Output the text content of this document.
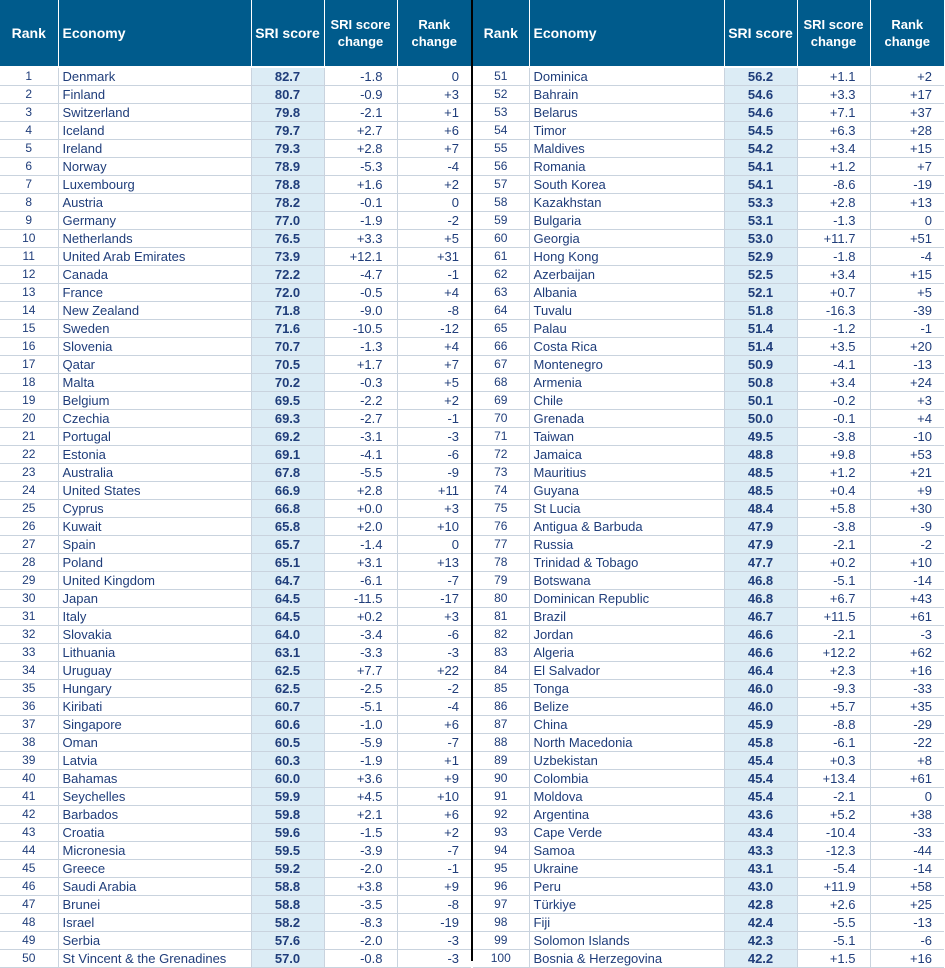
Rank	Economy	SRI score	SRI score change	Rank change
1	Denmark	82.7	-1.8	0
2	Finland	80.7	-0.9	+3
3	Switzerland	79.8	-2.1	+1
4	Iceland	79.7	+2.7	+6
5	Ireland	79.3	+2.8	+7
6	Norway	78.9	-5.3	-4
7	Luxembourg	78.8	+1.6	+2
8	Austria	78.2	-0.1	0
9	Germany	77.0	-1.9	-2
10	Netherlands	76.5	+3.3	+5
11	United Arab Emirates	73.9	+12.1	+31
12	Canada	72.2	-4.7	-1
13	France	72.0	-0.5	+4
14	New Zealand	71.8	-9.0	-8
15	Sweden	71.6	-10.5	-12
16	Slovenia	70.7	-1.3	+4
17	Qatar	70.5	+1.7	+7
18	Malta	70.2	-0.3	+5
19	Belgium	69.5	-2.2	+2
20	Czechia	69.3	-2.7	-1
21	Portugal	69.2	-3.1	-3
22	Estonia	69.1	-4.1	-6
23	Australia	67.8	-5.5	-9
24	United States	66.9	+2.8	+11
25	Cyprus	66.8	+0.0	+3
26	Kuwait	65.8	+2.0	+10
27	Spain	65.7	-1.4	0
28	Poland	65.1	+3.1	+13
29	United Kingdom	64.7	-6.1	-7
30	Japan	64.5	-11.5	-17
31	Italy	64.5	+0.2	+3
32	Slovakia	64.0	-3.4	-6
33	Lithuania	63.1	-3.3	-3
34	Uruguay	62.5	+7.7	+22
35	Hungary	62.5	-2.5	-2
36	Kiribati	60.7	-5.1	-4
37	Singapore	60.6	-1.0	+6
38	Oman	60.5	-5.9	-7
39	Latvia	60.3	-1.9	+1
40	Bahamas	60.0	+3.6	+9
41	Seychelles	59.9	+4.5	+10
42	Barbados	59.8	+2.1	+6
43	Croatia	59.6	-1.5	+2
44	Micronesia	59.5	-3.9	-7
45	Greece	59.2	-2.0	-1
46	Saudi Arabia	58.8	+3.8	+9
47	Brunei	58.8	-3.5	-8
48	Israel	58.2	-8.3	-19
49	Serbia	57.6	-2.0	-3
50	St Vincent & the Grenadines	57.0	-0.8	-3
Rank	Economy	SRI score	SRI score change	Rank change
51	Dominica	56.2	+1.1	+2
52	Bahrain	54.6	+3.3	+17
53	Belarus	54.6	+7.1	+37
54	Timor	54.5	+6.3	+28
55	Maldives	54.2	+3.4	+15
56	Romania	54.1	+1.2	+7
57	South Korea	54.1	-8.6	-19
58	Kazakhstan	53.3	+2.8	+13
59	Bulgaria	53.1	-1.3	0
60	Georgia	53.0	+11.7	+51
61	Hong Kong	52.9	-1.8	-4
62	Azerbaijan	52.5	+3.4	+15
63	Albania	52.1	+0.7	+5
64	Tuvalu	51.8	-16.3	-39
65	Palau	51.4	-1.2	-1
66	Costa Rica	51.4	+3.5	+20
67	Montenegro	50.9	-4.1	-13
68	Armenia	50.8	+3.4	+24
69	Chile	50.1	-0.2	+3
70	Grenada	50.0	-0.1	+4
71	Taiwan	49.5	-3.8	-10
72	Jamaica	48.8	+9.8	+53
73	Mauritius	48.5	+1.2	+21
74	Guyana	48.5	+0.4	+9
75	St Lucia	48.4	+5.8	+30
76	Antigua & Barbuda	47.9	-3.8	-9
77	Russia	47.9	-2.1	-2
78	Trinidad & Tobago	47.7	+0.2	+10
79	Botswana	46.8	-5.1	-14
80	Dominican Republic	46.8	+6.7	+43
81	Brazil	46.7	+11.5	+61
82	Jordan	46.6	-2.1	-3
83	Algeria	46.6	+12.2	+62
84	El Salvador	46.4	+2.3	+16
85	Tonga	46.0	-9.3	-33
86	Belize	46.0	+5.7	+35
87	China	45.9	-8.8	-29
88	North Macedonia	45.8	-6.1	-22
89	Uzbekistan	45.4	+0.3	+8
90	Colombia	45.4	+13.4	+61
91	Moldova	45.4	-2.1	0
92	Argentina	43.6	+5.2	+38
93	Cape Verde	43.4	-10.4	-33
94	Samoa	43.3	-12.3	-44
95	Ukraine	43.1	-5.4	-14
96	Peru	43.0	+11.9	+58
97	Türkiye	42.8	+2.6	+25
98	Fiji	42.4	-5.5	-13
99	Solomon Islands	42.3	-5.1	-6
100	Bosnia & Herzegovina	42.2	+1.5	+16
